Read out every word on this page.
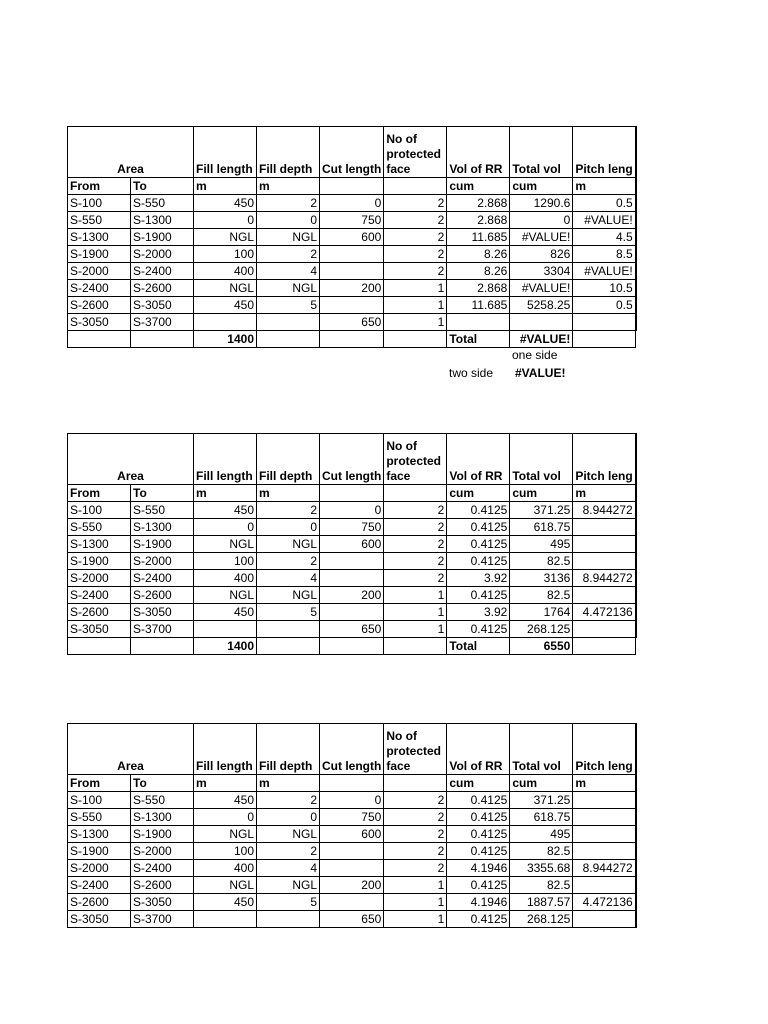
Area		Fill length	Fill depth	Cut length	No of protected face	Vol of RR	Total vol	Pitch leng
From	To	m	m			cum	cum	m
S-100	S-550	450	2	0	2	2.868	1290.6	0.5
S-550	S-1300	0	0	750	2	2.868	0	#VALUE!
S-1300	S-1900	NGL	NGL	600	2	11.685	#VALUE!	4.5
S-1900	S-2000	100	2		2	8.26	826	8.5
S-2000	S-2400	400	4		2	8.26	3304	#VALUE!
S-2400	S-2600	NGL	NGL	200	1	2.868	#VALUE!	10.5
S-2600	S-3050	450	5		1	11.685	5258.25	0.5
S-3050	S-3700			650	1			
		1400				Total	#VALUE!	
one side
two side #VALUE!
Area		Fill length	Fill depth	Cut length	No of protected face	Vol of RR	Total vol	Pitch leng
From	To	m	m			cum	cum	m
S-100	S-550	450	2	0	2	0.4125	371.25	8.944272
S-550	S-1300	0	0	750	2	0.4125	618.75	
S-1300	S-1900	NGL	NGL	600	2	0.4125	495	
S-1900	S-2000	100	2		2	0.4125	82.5	
S-2000	S-2400	400	4		2	3.92	3136	8.944272
S-2400	S-2600	NGL	NGL	200	1	0.4125	82.5	
S-2600	S-3050	450	5		1	3.92	1764	4.472136
S-3050	S-3700			650	1	0.4125	268.125	
		1400				Total	6550	
Area		Fill length	Fill depth	Cut length	No of protected face	Vol of RR	Total vol	Pitch leng
From	To	m	m			cum	cum	m
S-100	S-550	450	2	0	2	0.4125	371.25	
S-550	S-1300	0	0	750	2	0.4125	618.75	
S-1300	S-1900	NGL	NGL	600	2	0.4125	495	
S-1900	S-2000	100	2		2	0.4125	82.5	
S-2000	S-2400	400	4		2	4.1946	3355.68	8.944272
S-2400	S-2600	NGL	NGL	200	1	0.4125	82.5	
S-2600	S-3050	450	5		1	4.1946	1887.57	4.472136
S-3050	S-3700			650	1	0.4125	268.125	
